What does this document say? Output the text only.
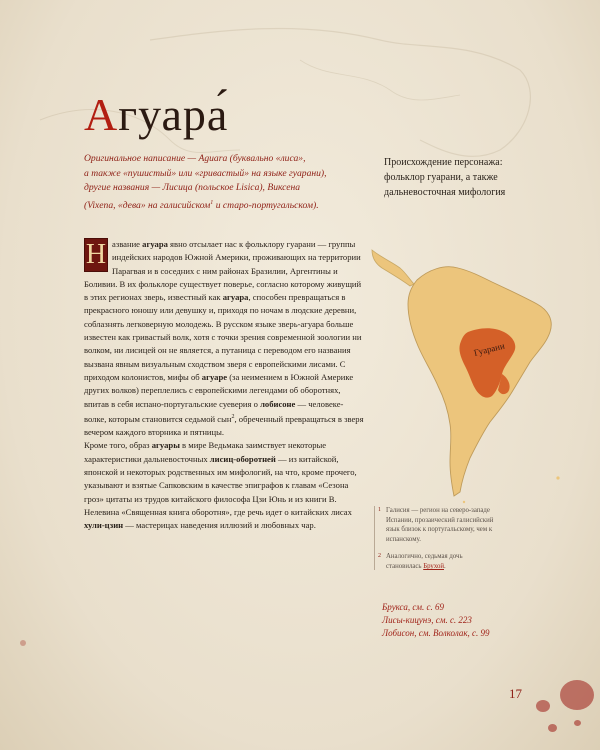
Агуара́
Оригинальное написание — Aguara (буквально «лиса»,
а также «пушистый» или «гривастый» на языке гуарани),
другие названия — Лисица (польское Lisica), Виксена
(Vixena, «дева» на галисийском$^1$ и старо-португальском).
Происхождение персонажа:
фольклор гуарани, а также
дальневосточная мифология

Н азвание агуара явно отсылает нас к фольклору гуарани — группы индейских народов Южной Америки, проживающих на территории Парагвая и в соседних с ним районах Бразилии, Аргентины и Боливии. В их фольклоре существует поверье, согласно которому живущий в этих регионах зверь, известный как агуара, способен превращаться в прекрасного юношу или девушку и, приходя по ночам в людские деревни, соблазнять легковерную молодежь. В русском языке зверь-агуара больше известен как гривастый волк, хотя с точки зрения современной зоологии ни волком, ни лисицей он не является, а путаница с переводом его названия вызвана явным визуальным сходством зверя с европейскими лисами. С приходом колонистов, мифы об агуаре (за неимением в Южной Америке других волков) переплелись с европейскими легендами об оборотнях, впитав в себя испано-португальские суеверия о лобисоне — человеке-волке, которым становится седьмой сын$^2$, обреченный превращаться в зверя вечером каждого вторника и пятницы.

Кроме того, образ агуары в мире Ведьмака заимствует некоторые характеристики дальневосточных лисиц-оборотней — из китайской, японской и некоторых родственных им мифологий, на что, кроме прочего, указывают и взятые Сапковским в качестве эпиграфов к главам «Сезона гроз» цитаты из трудов китайского философа Цзи Юнь и из книги В. Нелевина «Священная книга оборотня», где речь идет о китайских лисах хули-цзин — мастерицах наведения иллюзий и любовных чар.

Гуарани
1 Галисия — регион на северо-западе Испании, прозаический галисийский язык близок к португальскому, чем к испанскому.
2 Аналогично, седьмая дочь становилась Брухой.
Брукса, см. с. 69
Лисы-кицунэ, см. с. 223
Лобисон, см. Волколак, с. 99
17
